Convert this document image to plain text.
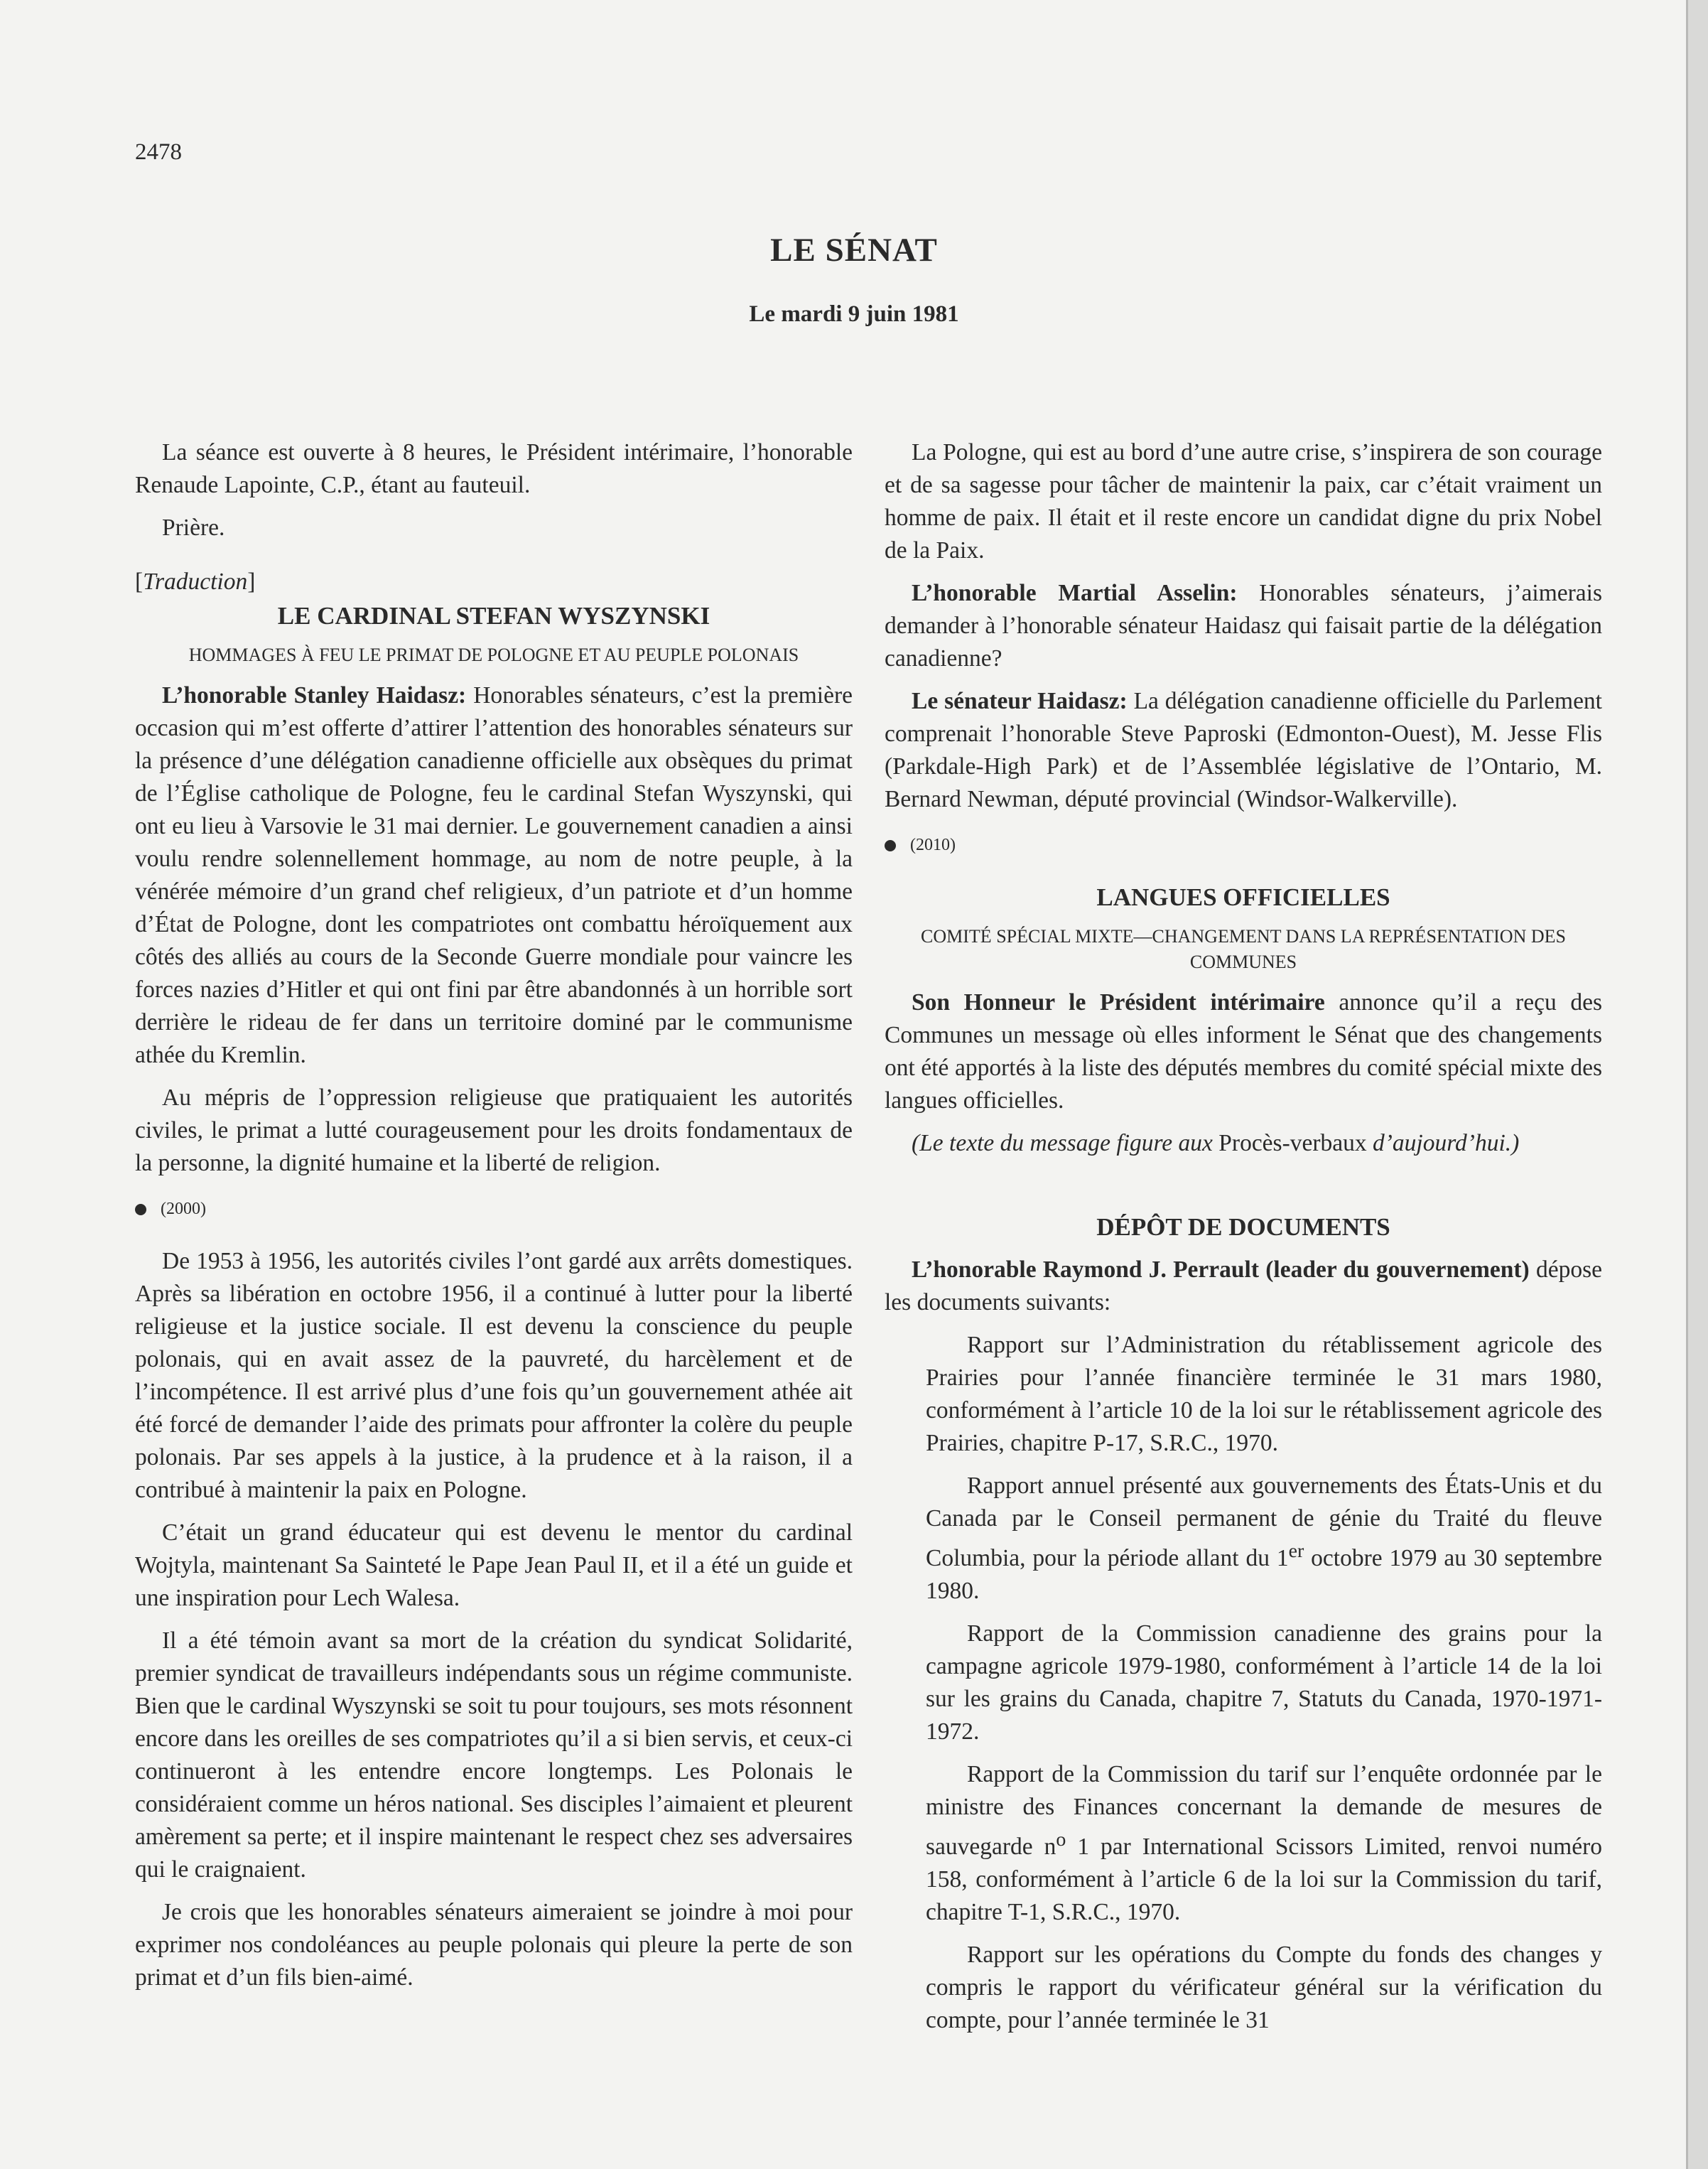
2478
LE SÉNAT
Le mardi 9 juin 1981

La séance est ouverte à 8 heures, le Président intérimaire, l’honorable Renaude Lapointe, C.P., étant au fauteuil.

Prière.

[Traduction]

LE CARDINAL STEFAN WYSZYNSKI
HOMMAGES À FEU LE PRIMAT DE POLOGNE ET AU PEUPLE POLONAIS

L’honorable Stanley Haidasz: Honorables sénateurs, c’est la première occasion qui m’est offerte d’attirer l’attention des honorables sénateurs sur la présence d’une délégation canadienne officielle aux obsèques du primat de l’Église catholique de Pologne, feu le cardinal Stefan Wyszynski, qui ont eu lieu à Varsovie le 31 mai dernier. Le gouvernement canadien a ainsi voulu rendre solennellement hommage, au nom de notre peuple, à la vénérée mémoire d’un grand chef religieux, d’un patriote et d’un homme d’État de Pologne, dont les compatriotes ont combattu héroïquement aux côtés des alliés au cours de la Seconde Guerre mondiale pour vaincre les forces nazies d’Hitler et qui ont fini par être abandonnés à un horrible sort derrière le rideau de fer dans un territoire dominé par le communisme athée du Kremlin.

Au mépris de l’oppression religieuse que pratiquaient les autorités civiles, le primat a lutté courageusement pour les droits fondamentaux de la personne, la dignité humaine et la liberté de religion.

(2000)

De 1953 à 1956, les autorités civiles l’ont gardé aux arrêts domestiques. Après sa libération en octobre 1956, il a continué à lutter pour la liberté religieuse et la justice sociale. Il est devenu la conscience du peuple polonais, qui en avait assez de la pauvreté, du harcèlement et de l’incompétence. Il est arrivé plus d’une fois qu’un gouvernement athée ait été forcé de demander l’aide des primats pour affronter la colère du peuple polonais. Par ses appels à la justice, à la prudence et à la raison, il a contribué à maintenir la paix en Pologne.

C’était un grand éducateur qui est devenu le mentor du cardinal Wojtyla, maintenant Sa Sainteté le Pape Jean Paul II, et il a été un guide et une inspiration pour Lech Walesa.

Il a été témoin avant sa mort de la création du syndicat Solidarité, premier syndicat de travailleurs indépendants sous un régime communiste. Bien que le cardinal Wyszynski se soit tu pour toujours, ses mots résonnent encore dans les oreilles de ses compatriotes qu’il a si bien servis, et ceux-ci continueront à les entendre encore longtemps. Les Polonais le considéraient comme un héros national. Ses disciples l’aimaient et pleurent amèrement sa perte; et il inspire maintenant le respect chez ses adversaires qui le craignaient.

Je crois que les honorables sénateurs aimeraient se joindre à moi pour exprimer nos condoléances au peuple polonais qui pleure la perte de son primat et d’un fils bien-aimé.

La Pologne, qui est au bord d’une autre crise, s’inspirera de son courage et de sa sagesse pour tâcher de maintenir la paix, car c’était vraiment un homme de paix. Il était et il reste encore un candidat digne du prix Nobel de la Paix.

L’honorable Martial Asselin: Honorables sénateurs, j’aimerais demander à l’honorable sénateur Haidasz qui faisait partie de la délégation canadienne?

Le sénateur Haidasz: La délégation canadienne officielle du Parlement comprenait l’honorable Steve Paproski (Edmonton-Ouest), M. Jesse Flis (Parkdale-High Park) et de l’Assemblée législative de l’Ontario, M. Bernard Newman, député provincial (Windsor-Walkerville).

(2010)
LANGUES OFFICIELLES
COMITÉ SPÉCIAL MIXTE—CHANGEMENT DANS LA REPRÉSENTATION DES COMMUNES

Son Honneur le Président intérimaire annonce qu’il a reçu des Communes un message où elles informent le Sénat que des changements ont été apportés à la liste des députés membres du comité spécial mixte des langues officielles.

(Le texte du message figure aux Procès-verbaux d’aujourd’hui.)

DÉPÔT DE DOCUMENTS

L’honorable Raymond J. Perrault (leader du gouvernement) dépose les documents suivants:

Rapport sur l’Administration du rétablissement agricole des Prairies pour l’année financière terminée le 31 mars 1980, conformément à l’article 10 de la loi sur le rétablissement agricole des Prairies, chapitre P-17, S.R.C., 1970.

Rapport annuel présenté aux gouvernements des États-Unis et du Canada par le Conseil permanent de génie du Traité du fleuve Columbia, pour la période allant du 1er octobre 1979 au 30 septembre 1980.

Rapport de la Commission canadienne des grains pour la campagne agricole 1979-1980, conformément à l’article 14 de la loi sur les grains du Canada, chapitre 7, Statuts du Canada, 1970-1971-1972.

Rapport de la Commission du tarif sur l’enquête ordonnée par le ministre des Finances concernant la demande de mesures de sauvegarde $n^o$ 1 par International Scissors Limited, renvoi numéro 158, conformément à l’article 6 de la loi sur la Commission du tarif, chapitre T-1, S.R.C., 1970.

Rapport sur les opérations du Compte du fonds des changes y compris le rapport du vérificateur général sur la vérification du compte, pour l’année terminée le 31
